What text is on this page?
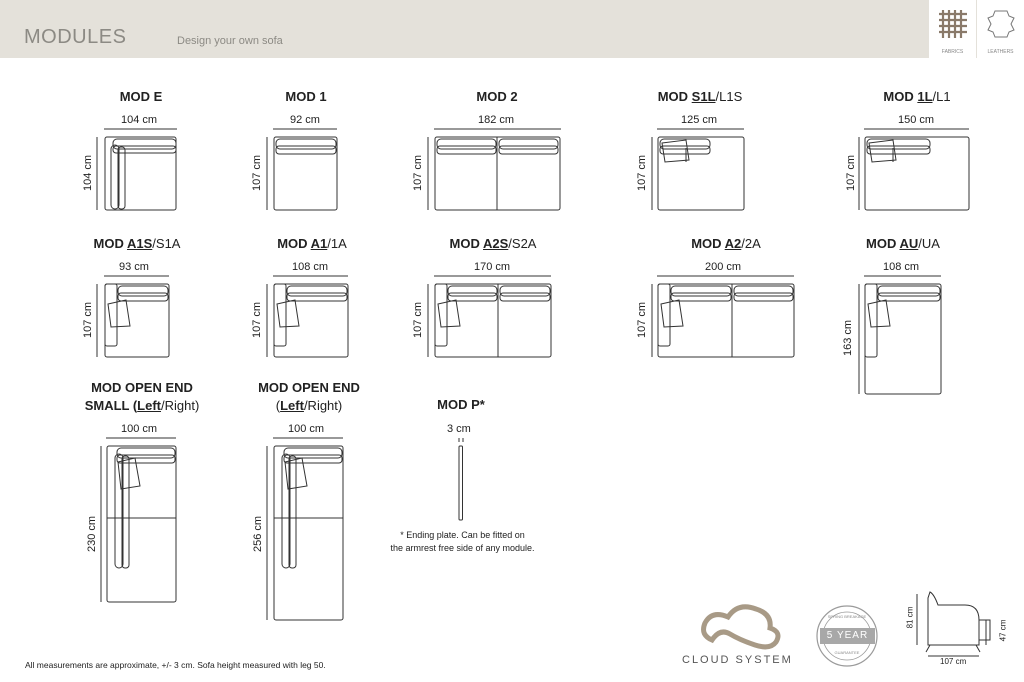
MODULES	Design your own sofa
FABRICS	LEATHERS
MOD E	MOD 1	MOD 2	MOD S1L/L1S	MOD 1L/L1
MOD A1S/S1A	MOD A1/1A	MOD A2S/S2A	MOD A2/2A	MOD AU/UA
MOD OPEN END
SMALL (Left/Right)
MOD OPEN END
(Left/Right)	MOD P*
104 cm	92 cm	182 cm	125 cm	150 cm
93 cm	108 cm	170 cm	200 cm	108 cm
100 cm	100 cm	3 cm
104 cm	107 cm	107 cm	107 cm	107 cm
107 cm	107 cm	107 cm	107 cm	163 cm
230 cm	256 cm	* Ending plate. Can be fitted on
the armrest free side of any module.
All measurements are approximate, +/- 3 cm. Sofa height measured with leg 50.	CLOUD SYSTEM
5 YEAR
SPRING BREAKAGE
GUARANTEE
81 cm
47 cm
107 cm
